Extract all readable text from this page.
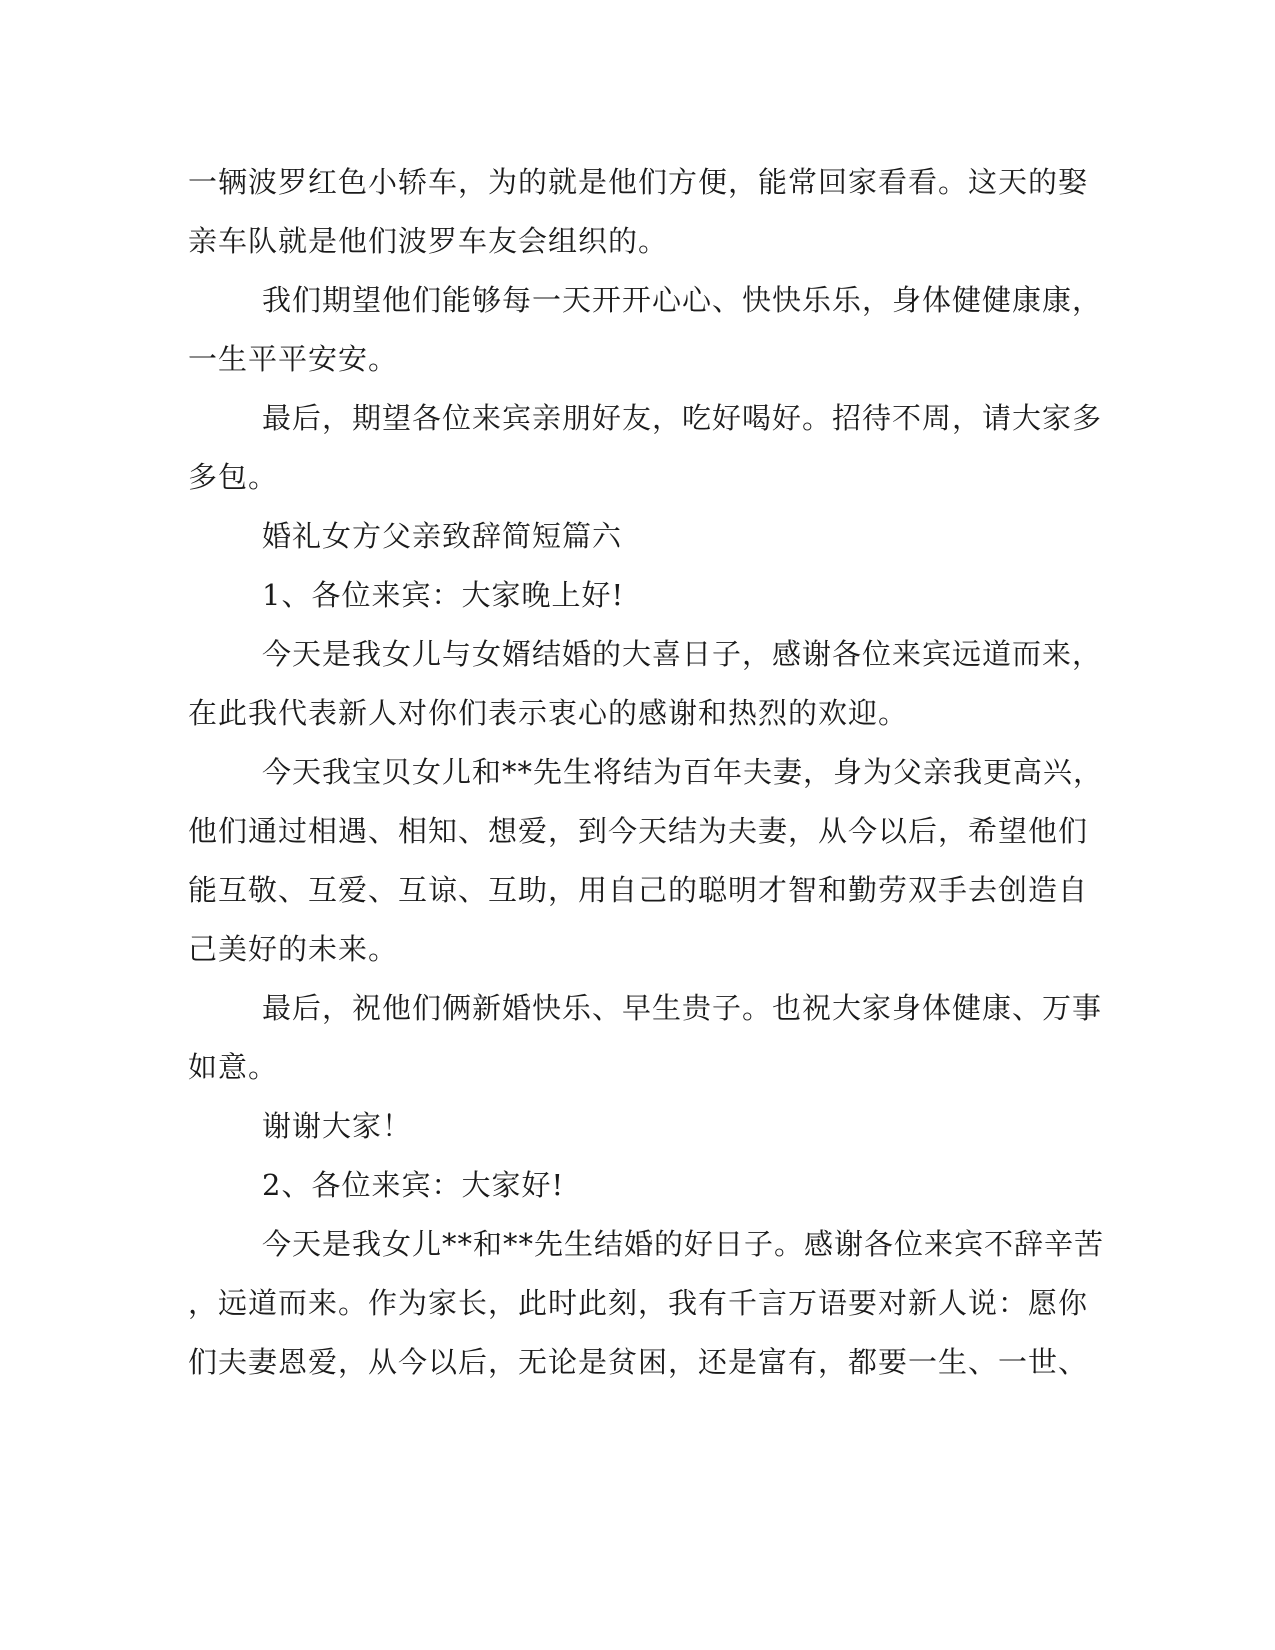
一辆波罗红色小轿车，为的就是他们方便，能常回家看看。这天的娶
亲车队就是他们波罗车友会组织的。
我们期望他们能够每一天开开心心、快快乐乐，身体健健康康，
一生平平安安。
最后，期望各位来宾亲朋好友，吃好喝好。招待不周，请大家多
多包。
婚礼女方父亲致辞简短篇六
1、各位来宾：大家晚上好!
今天是我女儿与女婿结婚的大喜日子，感谢各位来宾远道而来，
在此我代表新人对你们表示衷心的感谢和热烈的欢迎。
今天我宝贝女儿和**先生将结为百年夫妻，身为父亲我更高兴，
他们通过相遇、相知、想爱，到今天结为夫妻，从今以后，希望他们
能互敬、互爱、互谅、互助，用自己的聪明才智和勤劳双手去创造自
己美好的未来。
最后，祝他们俩新婚快乐、早生贵子。也祝大家身体健康、万事
如意。
谢谢大家！
2、各位来宾：大家好!
今天是我女儿**和**先生结婚的好日子。感谢各位来宾不辞辛苦
，远道而来。作为家长，此时此刻，我有千言万语要对新人说：愿你
们夫妻恩爱，从今以后，无论是贫困，还是富有，都要一生、一世、
